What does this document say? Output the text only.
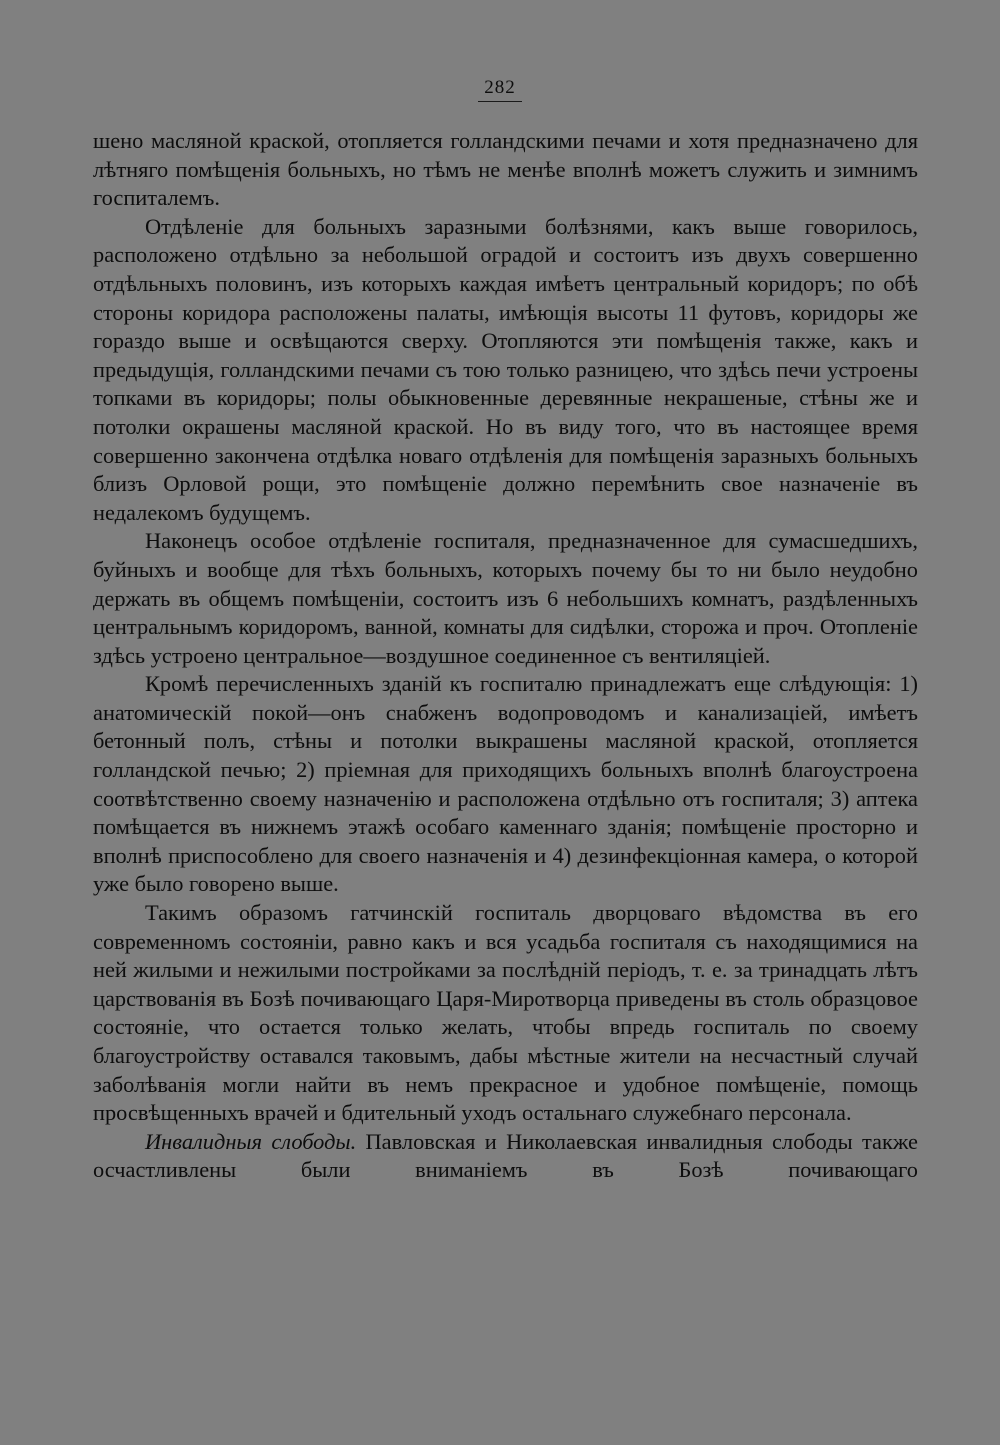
282

шено масляной краской, отопляется голландскими печами и хотя предназначено для лѣтняго помѣщенія больныхъ, но тѣмъ не менѣе вполнѣ можетъ служить и зимнимъ госпиталемъ.

Отдѣленіе для больныхъ заразными болѣзнями, какъ выше говорилось, расположено отдѣльно за небольшой оградой и состоитъ изъ двухъ совершенно отдѣльныхъ половинъ, изъ которыхъ каждая имѣетъ центральный коридоръ; по обѣ стороны коридора расположены палаты, имѣющія высоты 11 футовъ, коридоры же гораздо выше и освѣщаются сверху. Отопляются эти помѣщенія также, какъ и предыдущія, голландскими печами съ тою только разницею, что здѣсь печи устроены топками въ коридоры; полы обыкновенные деревянные некрашеные, стѣны же и потолки окрашены масляной краской. Но въ виду того, что въ настоящее время совершенно закончена отдѣлка новаго отдѣленія для помѣщенія заразныхъ больныхъ близъ Орловой рощи, это помѣщеніе должно перемѣнить свое назначеніе въ недалекомъ будущемъ.

Наконецъ особое отдѣленіе госпиталя, предназначенное для сумасшедшихъ, буйныхъ и вообще для тѣхъ больныхъ, которыхъ почему бы то ни было неудобно держать въ общемъ помѣщеніи, состоитъ изъ 6 небольшихъ комнатъ, раздѣленныхъ центральнымъ коридоромъ, ванной, комнаты для сидѣлки, сторожа и проч. Отопленіе здѣсь устроено центральное—воздушное соединенное съ вентиляціей.

Кромѣ перечисленныхъ зданій къ госпиталю принадлежатъ еще слѣдующія: 1) анатомическій покой—онъ снабженъ водопроводомъ и канализаціей, имѣетъ бетонный полъ, стѣны и потолки выкрашены масляной краской, отопляется голландской печью; 2) пріемная для приходящихъ больныхъ вполнѣ благоустроена соотвѣтственно своему назначенію и расположена отдѣльно отъ госпиталя; 3) аптека помѣщается въ нижнемъ этажѣ особаго каменнаго зданія; помѣщеніе просторно и вполнѣ приспособлено для своего назначенія и 4) дезинфекціонная камера, о которой уже было говорено выше.

Такимъ образомъ гатчинскій госпиталь дворцоваго вѣдомства въ его современномъ состояніи, равно какъ и вся усадьба госпиталя съ находящимися на ней жилыми и нежилыми постройками за послѣдній періодъ, т. е. за тринадцать лѣтъ царствованія въ Бозѣ почивающаго Царя-Миротворца приведены въ столь образцовое состояніе, что остается только желать, чтобы впредь госпиталь по своему благоустройству оставался таковымъ, дабы мѣстные жители на несчастный случай заболѣванія могли найти въ немъ прекрасное и удобное помѣщеніе, помощь просвѣщенныхъ врачей и бдительный уходъ остальнаго служебнаго персонала.

Инвалидныя слободы. Павловская и Николаевская инвалидныя слободы также осчастливлены были вниманіемъ въ Бозѣ почивающаго
